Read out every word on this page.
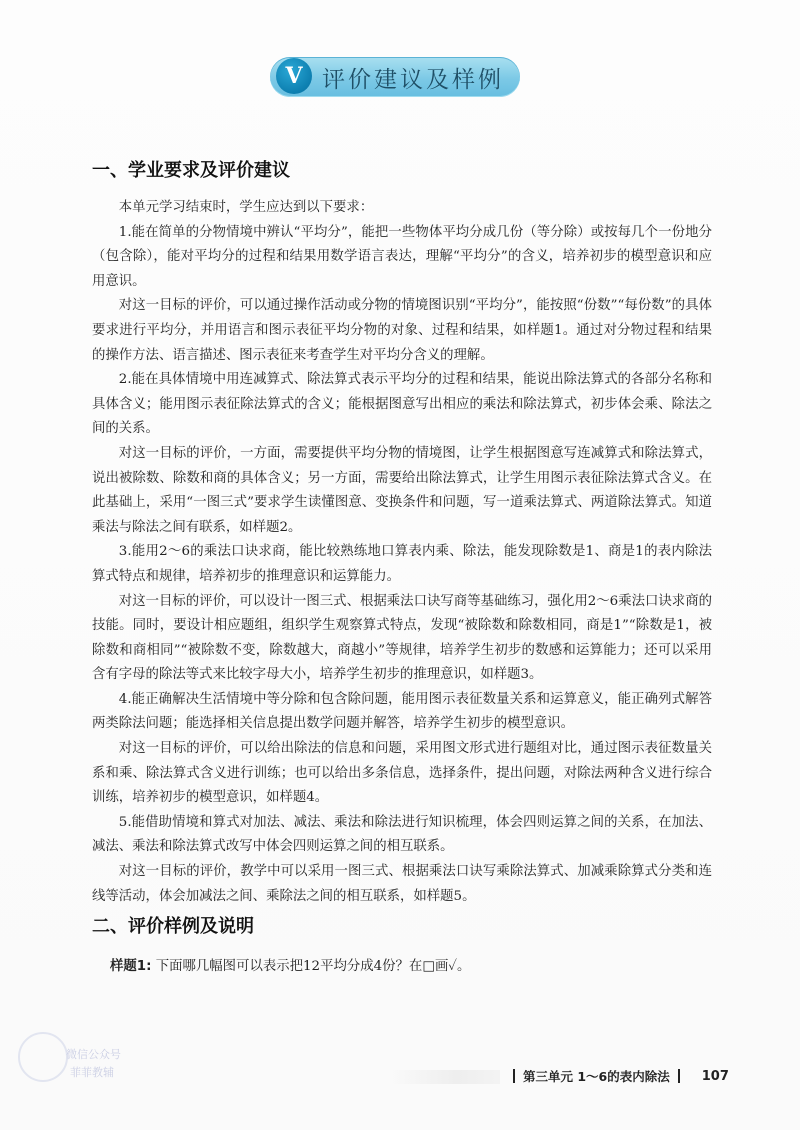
V 评价建议及样例
一、学业要求及评价建议

本单元学习结束时，学生应达到以下要求：

1.能在简单的分物情境中辨认“平均分”，能把一些物体平均分成几份（等分除）或按每几个一份地分（包含除），能对平均分的过程和结果用数学语言表达，理解“平均分”的含义，培养初步的模型意识和应用意识。

对这一目标的评价，可以通过操作活动或分物的情境图识别“平均分”，能按照“份数”“每份数”的具体要求进行平均分，并用语言和图示表征平均分物的对象、过程和结果，如样题1。通过对分物过程和结果的操作方法、语言描述、图示表征来考查学生对平均分含义的理解。

2.能在具体情境中用连减算式、除法算式表示平均分的过程和结果，能说出除法算式的各部分名称和具体含义；能用图示表征除法算式的含义；能根据图意写出相应的乘法和除法算式，初步体会乘、除法之间的关系。

对这一目标的评价，一方面，需要提供平均分物的情境图，让学生根据图意写连减算式和除法算式，说出被除数、除数和商的具体含义；另一方面，需要给出除法算式，让学生用图示表征除法算式含义。在此基础上，采用“一图三式”要求学生读懂图意、变换条件和问题，写一道乘法算式、两道除法算式。知道乘法与除法之间有联系，如样题2。

3.能用2～6的乘法口诀求商，能比较熟练地口算表内乘、除法，能发现除数是1、商是1的表内除法算式特点和规律，培养初步的推理意识和运算能力。

对这一目标的评价，可以设计一图三式、根据乘法口诀写商等基础练习，强化用2～6乘法口诀求商的技能。同时，要设计相应题组，组织学生观察算式特点，发现“被除数和除数相同，商是1”“除数是1，被除数和商相同”“被除数不变，除数越大，商越小”等规律，培养学生初步的数感和运算能力；还可以采用含有字母的除法等式来比较字母大小，培养学生初步的推理意识，如样题3。

4.能正确解决生活情境中等分除和包含除问题，能用图示表征数量关系和运算意义，能正确列式解答两类除法问题；能选择相关信息提出数学问题并解答，培养学生初步的模型意识。

对这一目标的评价，可以给出除法的信息和问题，采用图文形式进行题组对比，通过图示表征数量关系和乘、除法算式含义进行训练；也可以给出多条信息，选择条件，提出问题，对除法两种含义进行综合训练，培养初步的模型意识，如样题4。

5.能借助情境和算式对加法、减法、乘法和除法进行知识梳理，体会四则运算之间的关系，在加法、减法、乘法和除法算式改写中体会四则运算之间的相互联系。

对这一目标的评价，教学中可以采用一图三式、根据乘法口诀写乘除法算式、加减乘除算式分类和连线等活动，体会加减法之间、乘除法之间的相互联系，如样题5。

二、评价样例及说明
样题1: 下面哪几幅图可以表示把12平均分成4份？在□画✓。
微信公众号
菲菲教辅	第三单元 1～6的表内除法 107
